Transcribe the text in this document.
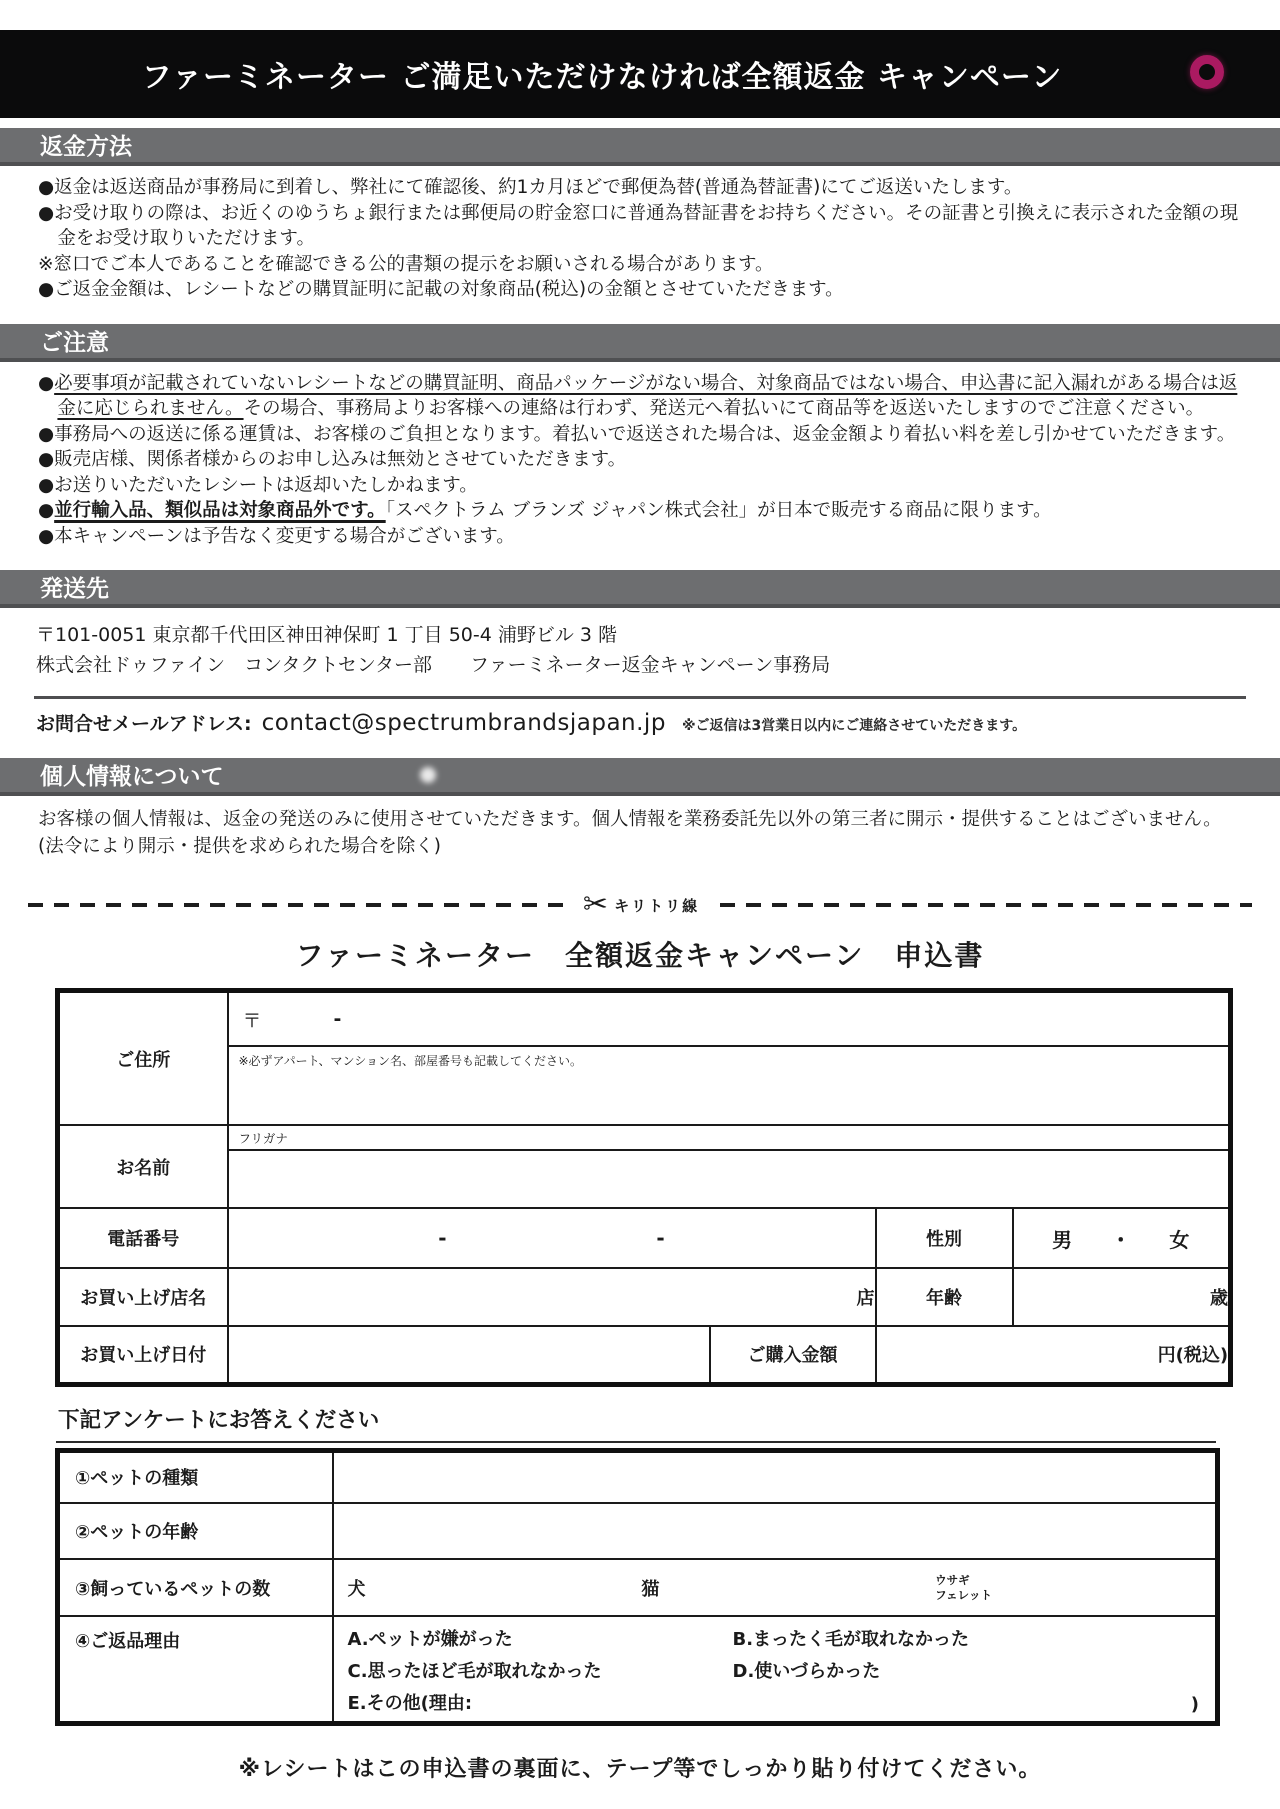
ファーミネーター ご満足いただけなければ全額返金 キャンペーン
返金方法

●返金は返送商品が事務局に到着し、弊社にて確認後、約1カ月ほどで郵便為替(普通為替証書)にてご返送いたします。

●お受け取りの際は、お近くのゆうちょ銀行または郵便局の貯金窓口に普通為替証書をお持ちください。その証書と引換えに表示された金額の現金をお受け取りいただけます。

※窓口でご本人であることを確認できる公的書類の提示をお願いされる場合があります。

●ご返金金額は、レシートなどの購買証明に記載の対象商品(税込)の金額とさせていただきます。

ご注意

●必要事項が記載されていないレシートなどの購買証明、商品パッケージがない場合、対象商品ではない場合、申込書に記入漏れがある場合は返金に応じられません。その場合、事務局よりお客様への連絡は行わず、発送元へ着払いにて商品等を返送いたしますのでご注意ください。

●事務局への返送に係る運賃は、お客様のご負担となります。着払いで返送された場合は、返金金額より着払い料を差し引かせていただきます。

●販売店様、関係者様からのお申し込みは無効とさせていただきます。

●お送りいただいたレシートは返却いたしかねます。

●並行輸入品、類似品は対象商品外です。「スペクトラム ブランズ ジャパン株式会社」が日本で販売する商品に限ります。

●本キャンペーンは予告なく変更する場合がございます。

発送先
〒101-0051 東京都千代田区神田神保町 1 丁目 50-4 浦野ビル 3 階
株式会社ドゥファイン　コンタクトセンター部　　ファーミネーター返金キャンペーン事務局
お問合せメールアドレス: contact@spectrumbrandsjapan.jp ※ご返信は3営業日以内にご連絡させていただきます。
個人情報について
お客様の個人情報は、返金の発送のみに使用させていただきます。個人情報を業務委託先以外の第三者に開示・提供することはございません。(法令により開示・提供を求められた場合を除く)
✂ キリトリ線
ファーミネーター　全額返金キャンペーン　申込書
ご住所	〒 -
※必ずアパート、マンション名、部屋番号も記載してください。			

お名前	フリガナ			

電話番号	- -		性別	男 ・ 女

お買い上げ店名	店		年齢	歳
お買い上げ日付		ご購入金額	円(税込)	
下記アンケートにお答えください
①ペットの種類	
②ペットの年齢	
③飼っているペットの数	犬 猫 ウサギ
フェレット

④ご返品理由	A.ペットが嫌がった	B.まったく毛が取れなかった
C.思ったほど毛が取れなかった	D.使いづらかった
E.その他(理由:	)
※レシートはこの申込書の裏面に、テープ等でしっかり貼り付けてください。
